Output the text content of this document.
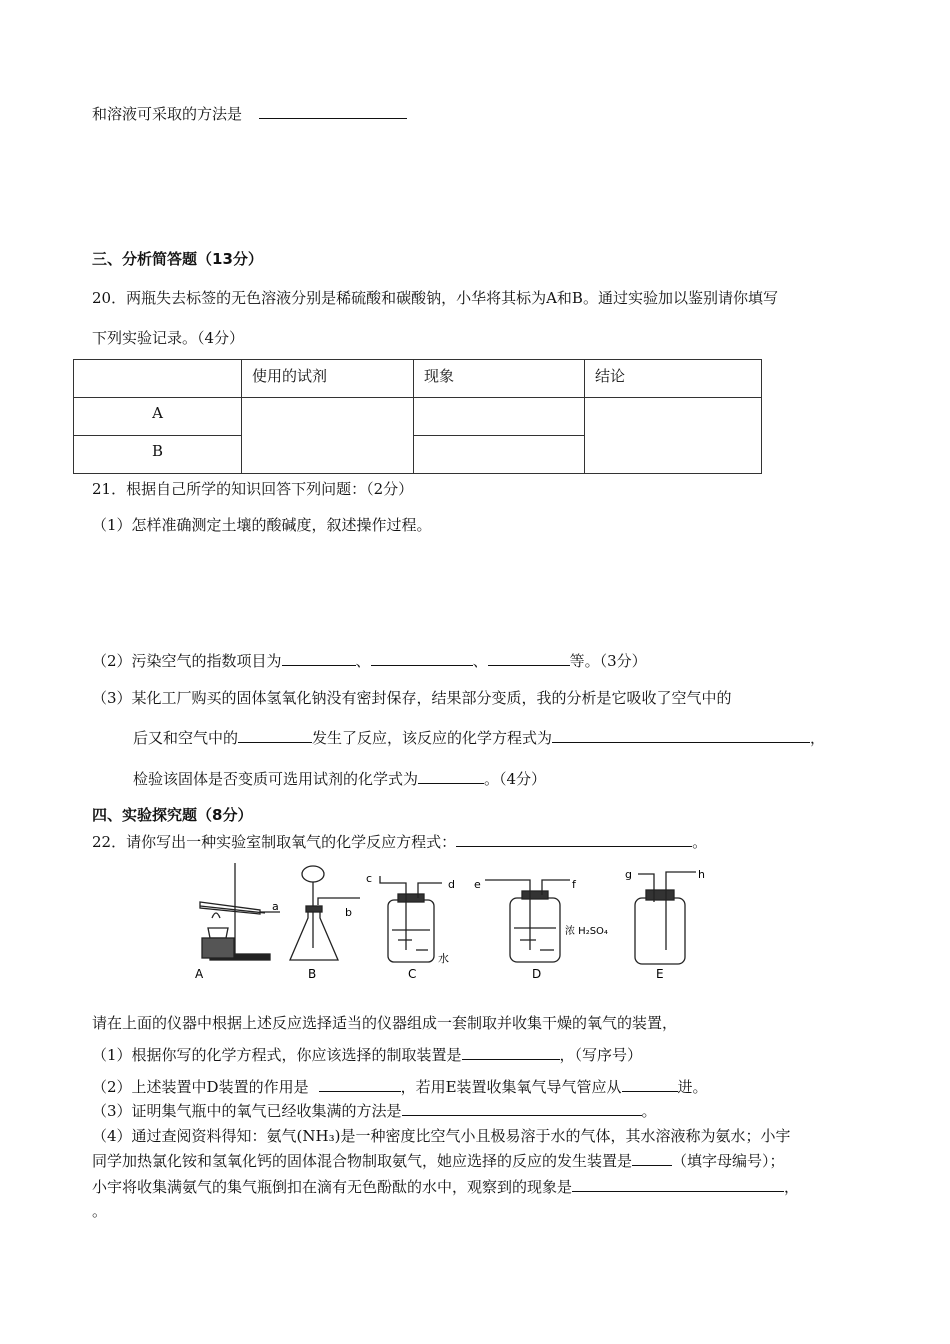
和溶液可采取的方法是
三、分析简答题（13分）
20．两瓶失去标签的无色溶液分别是稀硫酸和碳酸钠，小华将其标为A和B。通过实验加以鉴别请你填写
下列实验记录。（4分）
	使用的试剂	现象	结论
A			
B			
21．根据自己所学的知识回答下列问题：（2分）
（1）怎样准确测定土壤的酸碱度，叙述操作过程。
（2）污染空气的指数项目为	、	、	等。（3分）
（3）某化工厂购买的固体氢氧化钠没有密封保存，结果部分变质，我的分析是它吸收了空气中的
后又和空气中的	发生了反应，该反应的化学方程式为	，
检验该固体是否变质可选用试剂的化学式为	。（4分）
四、实验探究题（8分）
22．请你写出一种实验室制取氧气的化学反应方程式：	。
a
A
b
B
c	d
水
C
e	f
浓 H₂SO₄
D
g	h
E
请在上面的仪器中根据上述反应选择适当的仪器组成一套制取并收集干燥的氧气的装置，
（1）根据你写的化学方程式，你应该选择的制取装置是	，（写序号）
（2）上述装置中D装置的作用是	，若用E装置收集氧气导气管应从	进。
（3）证明集气瓶中的氧气已经收集满的方法是	。
（4）通过查阅资料得知：氨气(NH₃)是一种密度比空气小且极易溶于水的气体，其水溶液称为氨水；小宇
同学加热氯化铵和氢氧化钙的固体混合物制取氨气，她应选择的反应的发生装置是	（填字母编号）；
小宇将收集满氨气的集气瓶倒扣在滴有无色酚酞的水中，观察到的现象是	，
。
